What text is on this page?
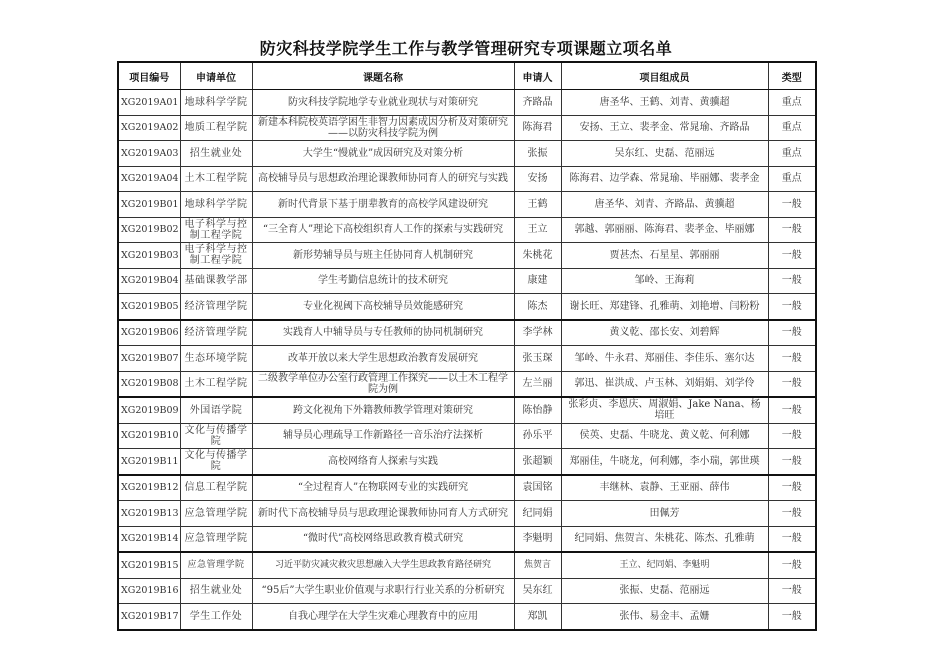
防灾科技学院学生工作与教学管理研究专项课题立项名单
项目编号	申请单位	课题名称	申请人	项目组成员	类型
XG2019A01	地球科学学院	防灾科技学院地学专业就业现状与对策研究	齐路晶	唐圣华、王鹤、刘青、黄骥超	重点
XG2019A02	地质工程学院	新建本科院校英语学困生非智力因素成因分析及对策研究——以防灾科技学院为例	陈海君	安扬、王立、裴孝金、常晁瑜、齐路晶	重点
XG2019A03	招生就业处	大学生“慢就业”成因研究及对策分析	张振	吴东红、史磊、范丽远	重点
XG2019A04	土木工程学院	高校辅导员与思想政治理论课教师协同育人的研究与实践	安扬	陈海君、边学森、常晁瑜、毕丽娜、裴孝金	重点
XG2019B01	地球科学学院	新时代背景下基于朋辈教育的高校学风建设研究	王鹤	唐圣华、刘青、齐路晶、黄骥超	一般
XG2019B02	电子科学与控制工程学院	“三全育人”理论下高校组织育人工作的探索与实践研究	王立	郭越、郭丽丽、陈海君、裴孝金、毕丽娜	一般
XG2019B03	电子科学与控制工程学院	新形势辅导员与班主任协同育人机制研究	朱桃花	贾甚杰、石星星、郭丽丽	一般
XG2019B04	基础课教学部	学生考勤信息统计的技术研究	康建	邹岭、王海莉	一般
XG2019B05	经济管理学院	专业化视阈下高校辅导员效能感研究	陈杰	谢长旺、郑建锋、孔雅萌、刘艳增、闫粉粉	一般
XG2019B06	经济管理学院	实践育人中辅导员与专任教师的协同机制研究	李学林	黄义乾、邵长安、刘碧辉	一般
XG2019B07	生态环境学院	改革开放以来大学生思想政治教育发展研究	张玉琛	邹岭、牛永君、郑丽佳、李佳乐、塞尔达	一般
XG2019B08	土木工程学院	二级教学单位办公室行政管理工作探究——以土木工程学院为例	左兰丽	郭迅、崔洪成、卢玉林、刘娟娟、刘学伶	一般
XG2019B09	外国语学院	跨文化视角下外籍教师教学管理对策研究	陈怡静	张彩贞、李恩庆、周淑娟、Jake Nana、杨培旺	一般
XG2019B10	文化与传播学院	辅导员心理疏导工作新路径一音乐治疗法探析	孙乐平	侯英、史磊、牛晓龙、黄义乾、何利娜	一般
XG2019B11	文化与传播学院	高校网络育人探索与实践	张超颖	郑丽佳，牛晓龙，何利娜，李小瑞，郭世瑛	一般
XG2019B12	信息工程学院	“全过程育人”在物联网专业的实践研究	袁国铭	丰继林、袁静、王亚丽、薛伟	一般
XG2019B13	应急管理学院	新时代下高校辅导员与思政理论课教师协同育人方式研究	纪同娟	田佩芳	一般
XG2019B14	应急管理学院	“微时代”高校网络思政教育模式研究	李魁明	纪同娟、焦贺言、朱桃花、陈杰、孔雅萌	一般
XG2019B15	应急管理学院	习近平防灾减灾救灾思想融入大学生思政教育路径研究	焦贺言	王立、纪同娟、李魁明	一般
XG2019B16	招生就业处	“95后”大学生职业价值观与求职行行业关系的分析研究	吴东红	张振、史磊、范丽远	一般
XG2019B17	学生工作处	自我心理学在大学生灾难心理教育中的应用	郑凯	张伟、易金丰、孟姗	一般
